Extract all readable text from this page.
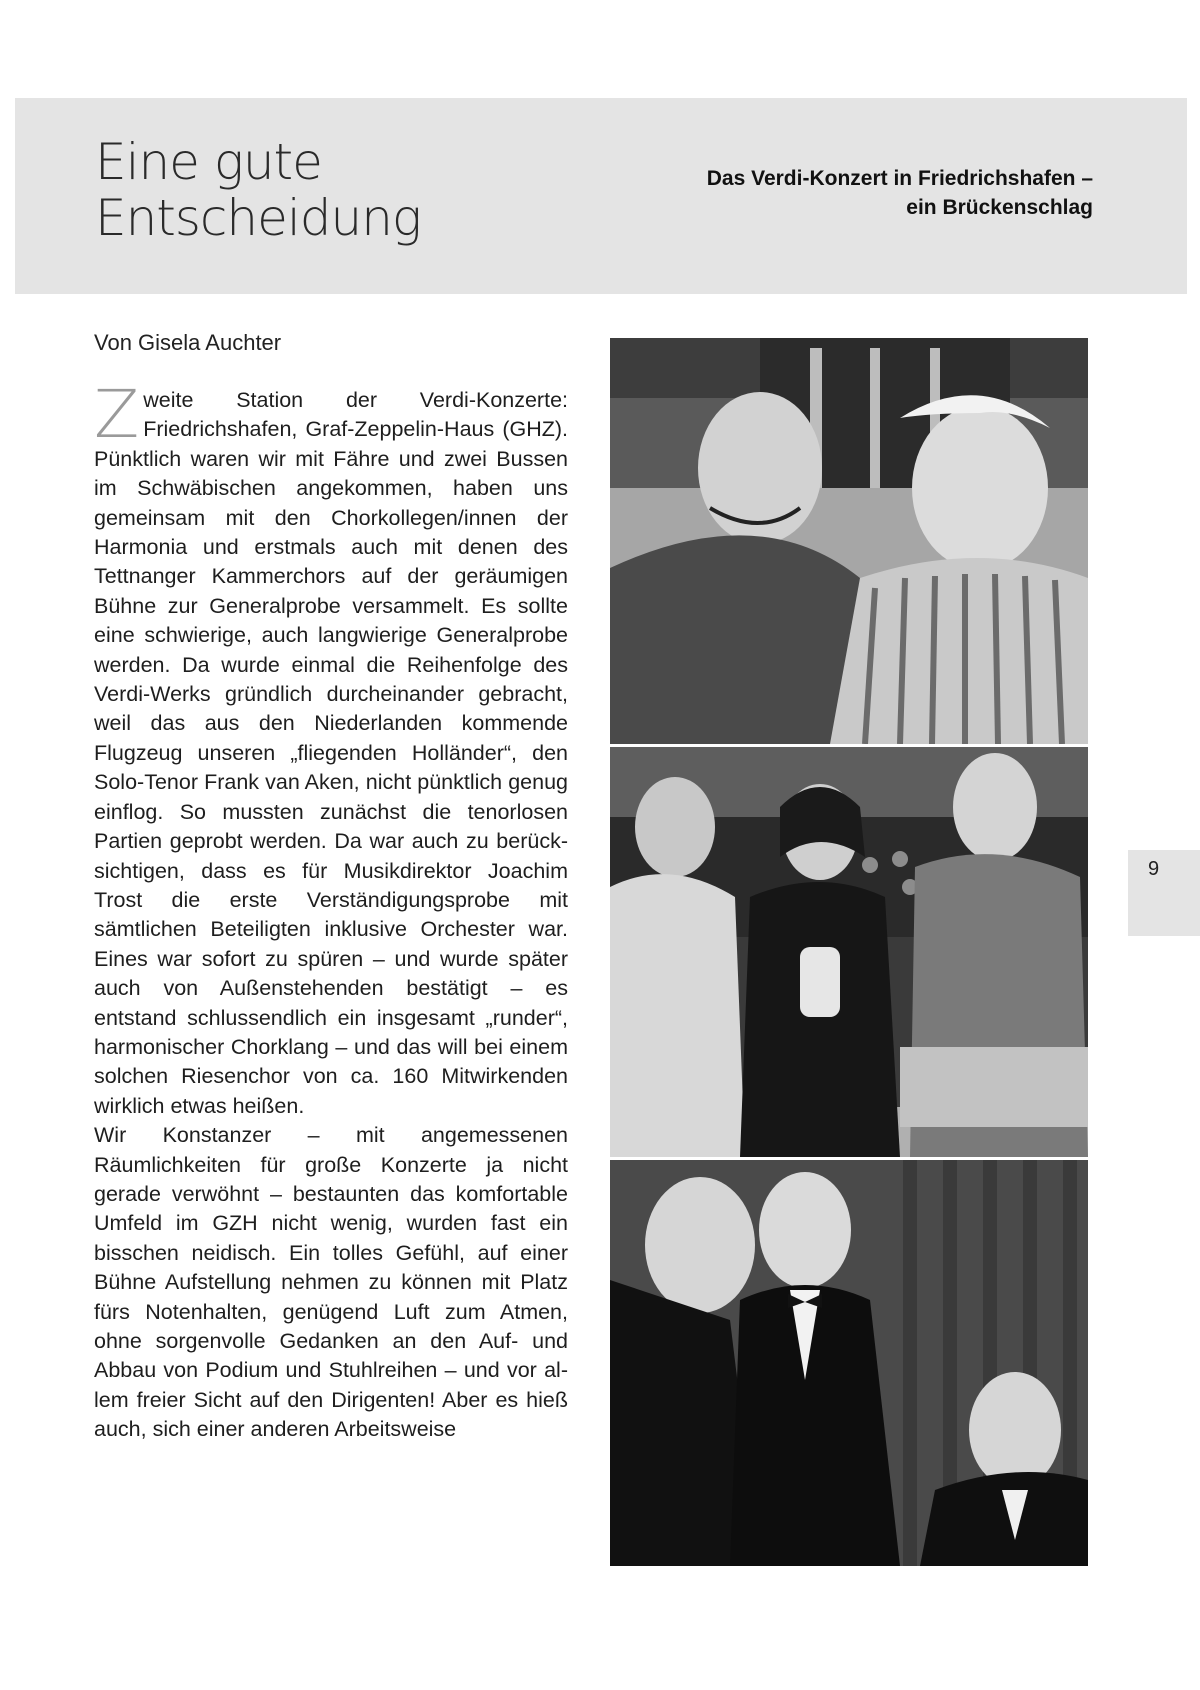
Eine gute
Entscheidung
Das Verdi-Konzert in Friedrichshafen –
ein Brückenschlag
Von Gisela Auchter

Zweite Station der Verdi-Konzerte: Friedrichshafen, Graf-Zeppelin-Haus (GHZ). Pünktlich waren wir mit Fähre und zwei Bussen im Schwäbischen angekommen, haben uns gemeinsam mit den Chorkollegen/innen der Harmonia und erstmals auch mit denen des Tettnanger Kammerchors auf der geräumigen Bühne zur Generalprobe versammelt. Es sollte eine schwierige, auch langwierige Generalprobe werden. Da wurde einmal die Reihenfolge des Verdi-Werks gründlich durcheinander gebracht, weil das aus den Niederlanden kommende Flugzeug unseren „fliegenden Holländer“, den Solo-Tenor Frank van Aken, nicht pünktlich genug einflog. So mussten zunächst die tenorlosen Partien geprobt werden. Da war auch zu berücksichtigen, dass es für Musikdirektor Joachim Trost die erste Verständigungsprobe mit sämtlichen Beteiligten inklusive Orchester war. Eines war sofort zu spüren – und wurde später auch von Außenstehenden bestätigt – es entstand schlussendlich ein insgesamt „runder“, harmonischer Chorklang – und das will bei einem solchen Riesenchor von ca. 160 Mitwirkenden wirklich etwas heißen.

Wir Konstanzer – mit angemessenen Räumlichkeiten für große Konzerte ja nicht gerade verwöhnt – bestaunten das komfortable Umfeld im GZH nicht wenig, wurden fast ein bisschen neidisch. Ein tolles Gefühl, auf einer Bühne Aufstellung nehmen zu können mit Platz fürs Notenhalten, genügend Luft zum Atmen, ohne sorgenvolle Gedanken an den Auf- und Abbau von Podium und Stuhlreihen – und vor allem freier Sicht auf den Dirigenten! Aber es hieß auch, sich einer anderen Arbeitsweise

9
